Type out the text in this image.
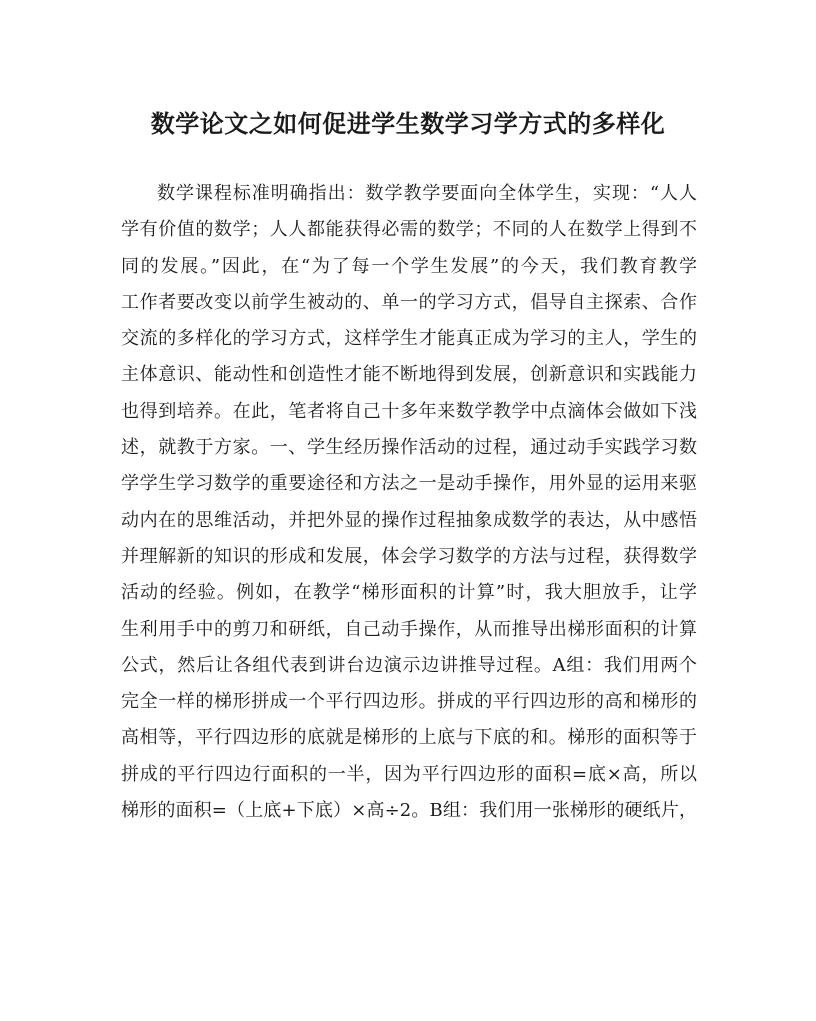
数学论文之如何促进学生数学习学方式的多样化
数学课程标准明确指出：数学教学要面向全体学生，实现：“人人
学有价值的数学；人人都能获得必需的数学；不同的人在数学上得到不
同的发展。”因此，在“为了每一个学生发展”的今天，我们教育教学
工作者要改变以前学生被动的、单一的学习方式，倡导自主探索、合作
交流的多样化的学习方式，这样学生才能真正成为学习的主人，学生的
主体意识、能动性和创造性才能不断地得到发展，创新意识和实践能力
也得到培养。在此，笔者将自己十多年来数学教学中点滴体会做如下浅
述，就教于方家。一、学生经历操作活动的过程，通过动手实践学习数
学学生学习数学的重要途径和方法之一是动手操作，用外显的运用来驱
动内在的思维活动，并把外显的操作过程抽象成数学的表达，从中感悟
并理解新的知识的形成和发展，体会学习数学的方法与过程，获得数学
活动的经验。例如，在教学“梯形面积的计算”时，我大胆放手，让学
生利用手中的剪刀和研纸，自己动手操作，从而推导出梯形面积的计算
公式，然后让各组代表到讲台边演示边讲推导过程。A组：我们用两个
完全一样的梯形拼成一个平行四边形。拼成的平行四边形的高和梯形的
高相等，平行四边形的底就是梯形的上底与下底的和。梯形的面积等于
拼成的平行四边行面积的一半，因为平行四边形的面积=底×高，所以
梯形的面积=（上底+下底）×高÷2。B组：我们用一张梯形的硬纸片，
